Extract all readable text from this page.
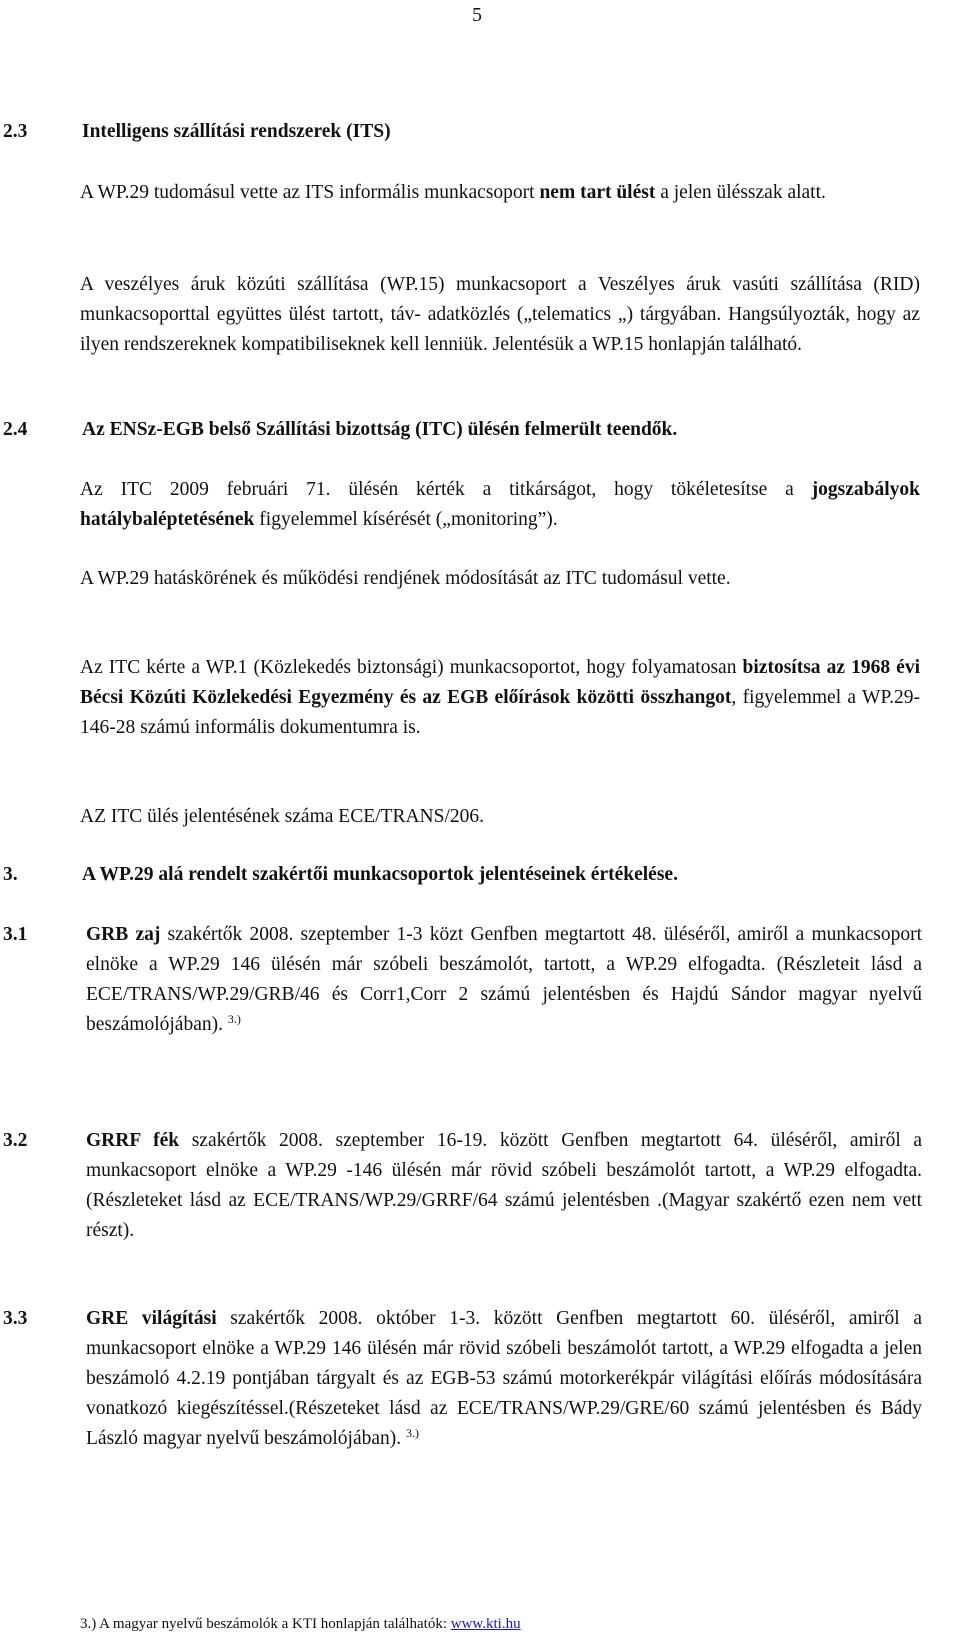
5
2.3	Intelligens szállítási rendszerek (ITS)
A WP.29 tudomásul vette az ITS informális munkacsoport nem tart ülést a jelen ülésszak alatt.
A veszélyes áruk közúti szállítása (WP.15) munkacsoport a Veszélyes áruk vasúti szállítása (RID) munkacsoporttal együttes ülést tartott, táv- adatközlés („telematics „) tárgyában. Hangsúlyozták, hogy az ilyen rendszereknek kompatibiliseknek kell lenniük. Jelentésük a WP.15 honlapján található.
2.4	Az ENSz-EGB belső Szállítási bizottság (ITC) ülésén felmerült teendők.
Az ITC 2009 februári 71. ülésén kérték a titkárságot, hogy tökéletesítse a jogszabályok hatálybaléptetésének figyelemmel kísérését („monitoring”).
A WP.29 hatáskörének és működési rendjének módosítását az ITC tudomásul vette.
Az ITC kérte a WP.1 (Közlekedés biztonsági) munkacsoportot, hogy folyamatosan biztosítsa az 1968 évi Bécsi Közúti Közlekedési Egyezmény és az EGB előírások közötti összhangot, figyelemmel a WP.29-146-28 számú informális dokumentumra is.
AZ ITC ülés jelentésének száma ECE/TRANS/206.
3.	A WP.29 alá rendelt szakértői munkacsoportok jelentéseinek értékelése.
3.1	GRB zaj szakértők 2008. szeptember 1-3 közt Genfben megtartott 48. üléséről, amiről a munkacsoport elnöke a WP.29 146 ülésén már szóbeli beszámolót, tartott, a WP.29 elfogadta. (Részleteit lásd a ECE/TRANS/WP.29/GRB/46 és Corr1,Corr 2 számú jelentésben és Hajdú Sándor magyar nyelvű beszámolójában). $^{3.)}$
3.2	GRRF fék szakértők 2008. szeptember 16-19. között Genfben megtartott 64. üléséről, amiről a munkacsoport elnöke a WP.29 -146 ülésén már rövid szóbeli beszámolót tartott, a WP.29 elfogadta. (Részleteket lásd az ECE/TRANS/WP.29/GRRF/64 számú jelentésben .(Magyar szakértő ezen nem vett részt).
3.3	GRE világítási szakértők 2008. október 1-3. között Genfben megtartott 60. üléséről, amiről a munkacsoport elnöke a WP.29 146 ülésén már rövid szóbeli beszámolót tartott, a WP.29 elfogadta a jelen beszámoló 4.2.19 pontjában tárgyalt és az EGB-53 számú motorkerékpár világítási előírás módosítására vonatkozó kiegészítéssel.(Részeteket lásd az ECE/TRANS/WP.29/GRE/60 számú jelentésben és Bády László magyar nyelvű beszámolójában). $^{3.)}$
3.) A magyar nyelvű beszámolók a KTI honlapján találhatók: www.kti.hu
